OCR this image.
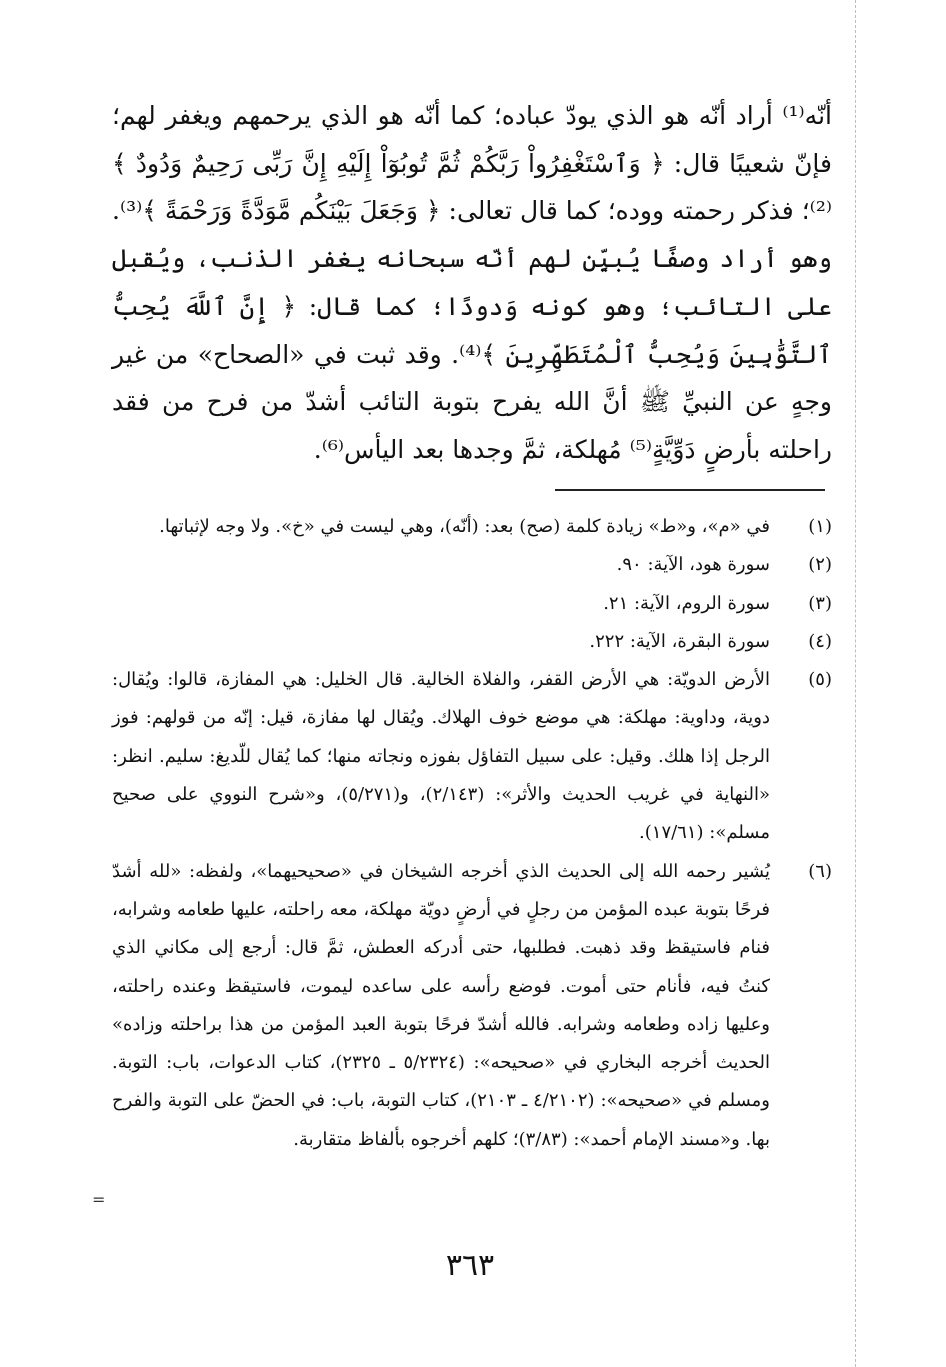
أنّه⁽¹⁾ أراد أنّه هو الذي يودّ عباده؛ كما أنّه هو الذي يرحمهم ويغفر لهم؛ فإنّ شعيبًا قال: ﴿ وَٱسْتَغْفِرُواْ رَبَّكُمْ ثُمَّ تُوبُوٓاْ إِلَيْهِ إِنَّ رَبِّى رَحِيمٌ وَدُودٌ ﴾⁽²⁾؛ فذكر رحمته ووده؛ كما قال تعالى: ﴿ وَجَعَلَ بَيْنَكُم مَّوَدَّةً وَرَحْمَةً ﴾⁽³⁾. وهو أراد وصفًا يُبيِّن لهم أنّه سبحانه يغفر الذنب، ويُقبل على التائب؛ وهو كونه وَدودًا؛ كما قال: ﴿ إِنَّ ٱللَّهَ يُحِبُّ ٱلتَّوَّٰبِينَ وَيُحِبُّ ٱلْمُتَطَهِّرِينَ ﴾⁽⁴⁾. وقد ثبت في «الصحاح» من غير وجهٍ عن النبيِّ ﷺ أنَّ الله يفرح بتوبة التائب أشدّ من فرح من فقد راحلته بأرضٍ دَوِّيَّةٍ⁽⁵⁾ مُهلكة، ثمَّ وجدها بعد اليأس⁽⁶⁾.

(١)
في «م»، و«ط» زيادة كلمة (صح) بعد: (أنّه)، وهي ليست في «خ». ولا وجه لإثباتها.
(٢)
سورة هود، الآية: ٩٠.
(٣)
سورة الروم، الآية: ٢١.
(٤)
سورة البقرة، الآية: ٢٢٢.
(٥)
الأرض الدويّة: هي الأرض القفر، والفلاة الخالية. قال الخليل: هي المفازة، قالوا: ويُقال: دوية، وداوية: مهلكة: هي موضع خوف الهلاك. ويُقال لها مفازة، قيل: إنّه من قولهم: فوز الرجل إذا هلك. وقيل: على سبيل التفاؤل بفوزه ونجاته منها؛ كما يُقال للّديغ: سليم. انظر: «النهاية في غريب الحديث والأثر»: (٢/١٤٣)، و(٥/٢٧١)، و«شرح النووي على صحيح مسلم»: (١٧/٦١).
(٦)
يُشير رحمه الله إلى الحديث الذي أخرجه الشيخان في «صحيحيهما»، ولفظه: «لله أشدّ فرحًا بتوبة عبده المؤمن من رجلٍ في أرضٍ دويّة مهلكة، معه راحلته، عليها طعامه وشرابه، فنام فاستيقظ وقد ذهبت. فطلبها، حتى أدركه العطش، ثمَّ قال: أرجع إلى مكاني الذي كنتُ فيه، فأنام حتى أموت. فوضع رأسه على ساعده ليموت، فاستيقظ وعنده راحلته، وعليها زاده وطعامه وشرابه. فالله أشدّ فرحًا بتوبة العبد المؤمن من هذا براحلته وزاده» الحديث أخرجه البخاري في «صحيحه»: (٥/٢٣٢٤ ـ ٢٣٢٥)، كتاب الدعوات، باب: التوبة. ومسلم في «صحيحه»: (٤/٢١٠٢ ـ ٢١٠٣)، كتاب التوبة، باب: في الحضّ على التوبة والفرح بها. و«مسند الإمام أحمد»: (٣/٨٣)؛ كلهم أخرجوه بألفاظ متقاربة.
=
٣٦٣
